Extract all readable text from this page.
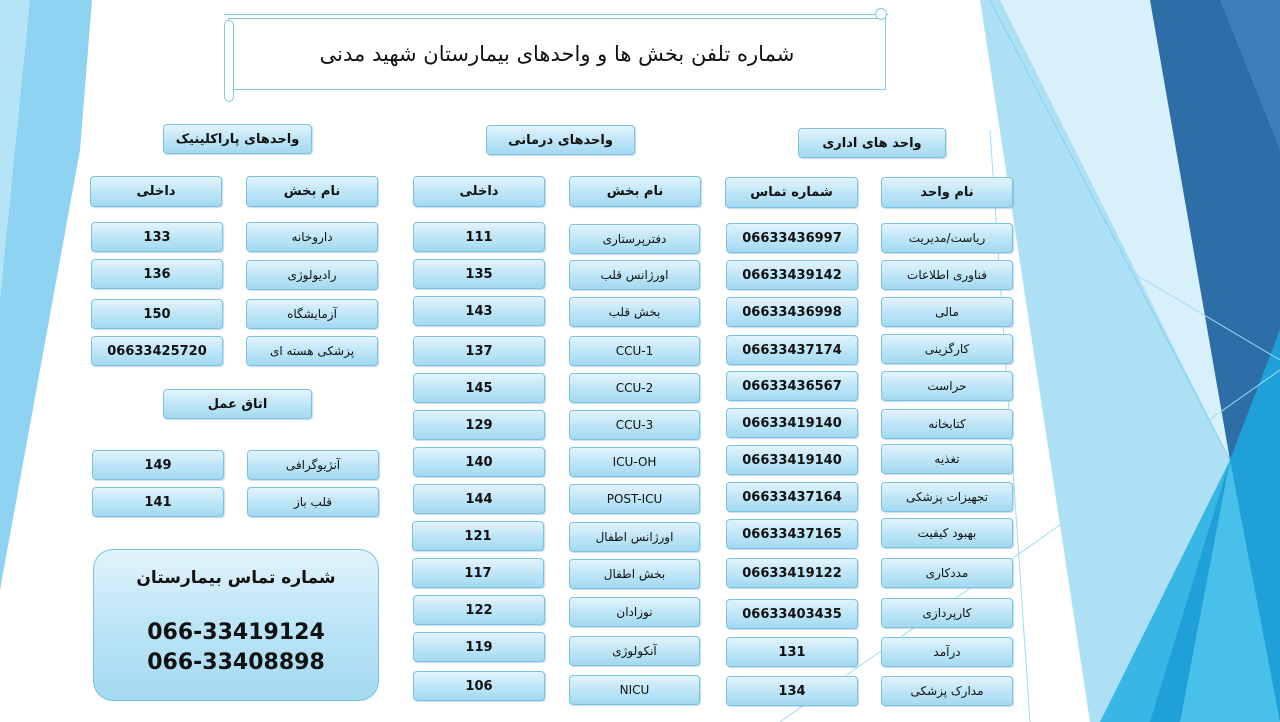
شماره تلفن بخش ها و واحدهای بیمارستان شهید مدنی
واحد های اداری
واحدهای درمانی
واحدهای پاراکلینیک
نام واحد
شماره تماس
نام بخش
داخلی
نام بخش
داخلی
ریاست/مدیریت
06633436997
فناوری اطلاعات
06633439142
مالی
06633436998
کارگزینی
06633437174
حراست
06633436567
کتابخانه
06633419140
تغذیه
06633419140
تجهیزات پزشکی
06633437164
بهبود کیفیت
06633437165
مددکاری
06633419122
کارپردازی
06633403435
درآمد
131
مدارک پزشکی
134
دفترپرستاری
111
اورژانس قلب
135
بخش قلب
143
CCU-1
137
CCU-2
145
CCU-3
129
ICU-OH
140
POST-ICU
144
اورژانس اطفال
121
بخش اطفال
117
نوزادان
122
آنکولوژی
119
NICU
106
داروخانه
133
رادیولوژی
136
آزمایشگاه
150
پزشکی هسته ای
06633425720
اتاق عمل
آنژیوگرافی
149
قلب باز
141
شماره تماس بیمارستان
066-33419124
066-33408898
